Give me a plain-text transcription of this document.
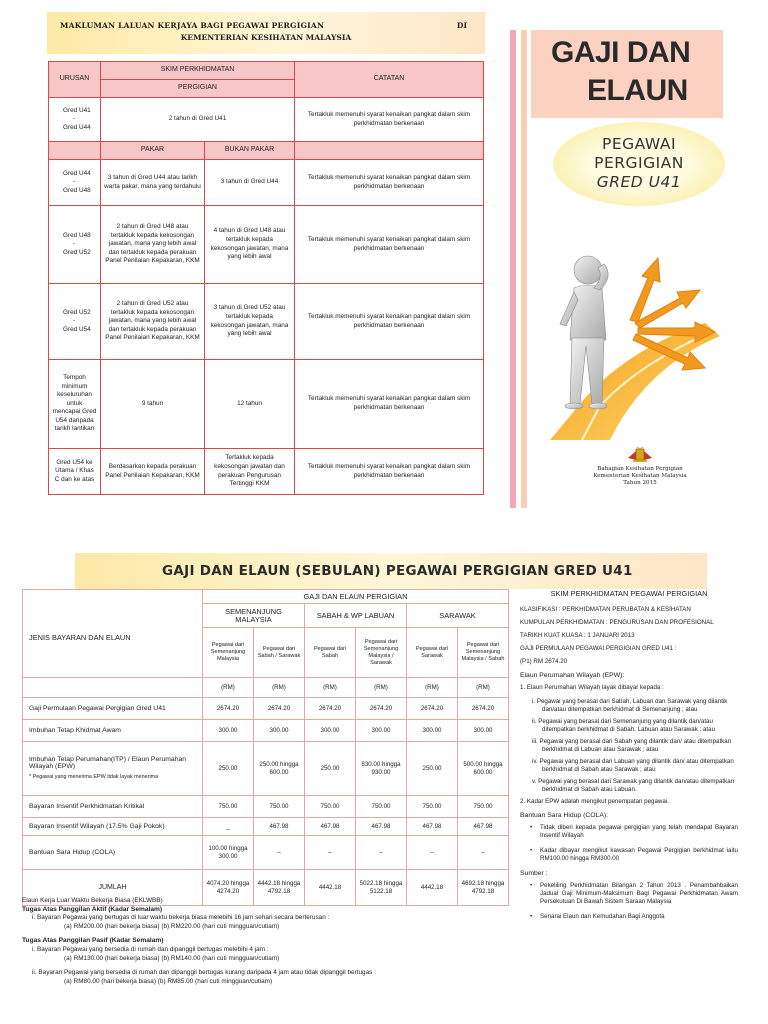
MAKLUMAN LALUAN KERJAYA BAGI PEGAWAI PERGIGIAN	DI
KEMENTERIAN KESIHATAN MALAYSIA
URUSAN	SKIM PERKHIDMATAN		CATATAN
	PERGIGIAN		

Gred U41
-
Gred U44	2 tahun di Gred U41		Tertakluk memenuhi syarat kenaikan pangkat dalam skim perkhidmatan berkenaan
	PAKAR	BUKAN PAKAR	

Gred U44
-
Gred U48	3 tahun di Gred U44 atau tarikh warta pakar, mana yang terdahulu	3 tahun di Gred U44	Tertakluk memenuhi syarat kenaikan pangkat dalam skim perkhidmatan berkenaan

Gred U48
-
Gred U52	2 tahun di Gred U48 atau tertakluk kepada kekosongan jawatan, mana yang lebih awal dan tertakluk kepada perakuan Panel Penilaian Kepakaran, KKM	4 tahun di Gred U48 atau tertakluk kepada kekosongan jawatan, mana yang lebih awal	Tertakluk memenuhi syarat kenaikan pangkat dalam skim perkhidmatan berkenaan

Gred U52
-
Gred U54	2 tahun di Gred U52 atau tertakluk kepada kekosongan jawatan, mana yang lebih awal dan tertakluk kepada perakuan Panel Penilaian Kepakaran, KKM	3 tahun di Gred U52 atau tertakluk kepada kekosongan jawatan, mana yang lebih awal	Tertakluk memenuhi syarat kenaikan pangkat dalam skim perkhidmatan berkenaan
Tempoh minimum keseluruhan untuk mencapai Gred U54 daripada tarikh lantikan	9 tahun	12 tahun	Tertakluk memenuhi syarat kenaikan pangkat dalam skim perkhidmatan berkenaan
Gred U54 ke Utama / Khas C dan ke atas	Berdasarkan kepada perakuan Panel Penilaian Kepakaran, KKM	Tertakluk kepada kekosongan jawatan dan perakuan Pengurusan Tertinggi KKM	Tertakluk memenuhi syarat kenaikan pangkat dalam skim perkhidmatan berkenaan
GAJI DAN
ELAUN
PEGAWAI
PERGIGIAN
GRED U41
Bahagian Kesihatan Pergigian
Kementerian Kesihatan Malaysia
Tahun 2015
GAJI DAN ELAUN (SEBULAN) PEGAWAI PERGIGIAN GRED U41
	GAJI DAN ELAUN PERGIGIAN					
	SEMENANJUNG MALAYSIA		SABAH & WP LABUAN		SARAWAK	
	Pegawai dari Semenanjung Malaysia	Pegawai dari Sabah / Sarawak	Pegawai dari Sabah	Pegawai dari Semenanjung Malaysia / Sarawak	Pegawai dari Sarawak	Pegawai dari Semenanjung Malaysia / Sabah

JENIS BAYARAN DAN ELAUN	(RM)	(RM)	(RM)	(RM)	(RM)	(RM)
Gaji Permulaan Pegawai Pergigian Gred U41	2674.20	2674.20	2674.20	2674.20	2674.20	2674.20
Imbuhan Tetap Khidmat Awam	300.00	300.00	300.00	300.00	300.00	300.00
Imbuhan Tetap Perumahan(ITP) / Elaun Perumahan Wilayah (EPW)
* Pegawai yang menerima EPW tidak layak menerima	250.00	250.00 hingga 600.00	250.00	830.00 hingga 930.00	250.00	500.00 hingga 600.00
Bayaran Insentif Perkhidmatan Kritikal	750.00	750.00	750.00	750.00	750.00	750.00
Bayaran Insentif Wilayah (17.5% Gaji Pokok)	_	467.98	467.98	467.98	467.98	467.98
Bantuan Sara Hidup (COLA)	100.00 hingga 300.00	–	–	–	–	–
JUMLAH	4074.20 hingga 4274.20	4442.18 hingga 4792.18	4442.18	5022.18 hingga 5122.18	4442.18	4692.18 hingga 4792.18
Elaun Kerja Luar Waktu Bekerja Biasa (EKLWBB)
Tugas Atas Panggilan Aktif (Kadar Semalam)
i. Bayaran Pegawai yang bertugas di luar waktu bekerja biasa melebihi 16 jam sehari secara berterusan :
(a) RM200.00 (hari bekerja biasa) (b) RM220.00 (hari cuti mingguan/cutiam)
Tugas Atas Panggilan Pasif (Kadar Semalam)
i. Bayaran Pegawai yang bersedia di rumah dan dipanggil bertugas melebihi 4 jam :
(a) RM130.00 (hari bekerja biasa) (b) RM140.00 (hari cuti mingguan/cutiam)
ii. Bayaran Pegawai yang bersedia di rumah dan dipanggil bertugas kurang daripada 4 jam atau tidak dipanggil bertugas :
(a) RM80.00 (hari bekerja biasa) (b) RM85.00 (hari cuti mingguan/cutiam)
SKIM PERKHIDMATAN PEGAWAI PERGIGIAN
KLASIFIKASI : PERKHIDMATAN PERUBATAN & KESIHATAN
KUMPULAN PERKHIDMATAN : PENGURUSAN DAN PROFESIONAL
TARIKH KUAT KUASA : 1 JANUARI 2013
GAJI PERMULAAN PEGAWAI PERGIGIAN GRED U41 :
(P1) RM 2674.20
Elaun Perumahan Wilayah (EPW):
1. Elaun Perumahan Wilayah layak dibayar kepada :
i. Pegawai yang berasal dari Sabah, Labuan dan Sarawak yang dilantik dan/atau ditempatkan berkhidmat di Semenanjung ; atau
ii. Pegawai yang berasal dari Semenanjung yang dilantik dan/atau ditempatkan berkhidmat di Sabah, Labuan atau Sarawak ; atau
iii. Pegawai yang berasal dari Sabah yang dilantik dan/ atau ditempatkan berkhidmat di Labuan atau Sarawak ; atau
iv. Pegawai yang berasal dari Labuan yang dilantik dan/ atau ditempatkan berkhidmat di Sabah atau Sarawak ; atau
v. Pegawai yang berasal dari Sarawak yang dilantik dan/atau ditempatkan berkhidmat di Sabah atau Labuan.
2. Kadar EPW adalah mengikut penempatan pegawai.
Bantuan Sara Hidup (COLA):
• Tidak diberi kepada pegawai pergigian yang telah mendapat Bayaran Insentif Wilayah
• Kadar dibayar mengikut kawasan Pegawai Pergigian berkhidmat iaitu RM100.00 hingga RM300.00
Sumber :
• Pekeliling Perkhidmatan Bilangan 2 Tahun 2013 . Penambahbaikan Jadual Gaji Minimum-Maksimum Bagi Pegawai Perkhidmatan Awam Persekutuan Di Bawah Sistem Saraan Malaysia
• Senarai Elaun dan Kemudahan Bagi Anggota
